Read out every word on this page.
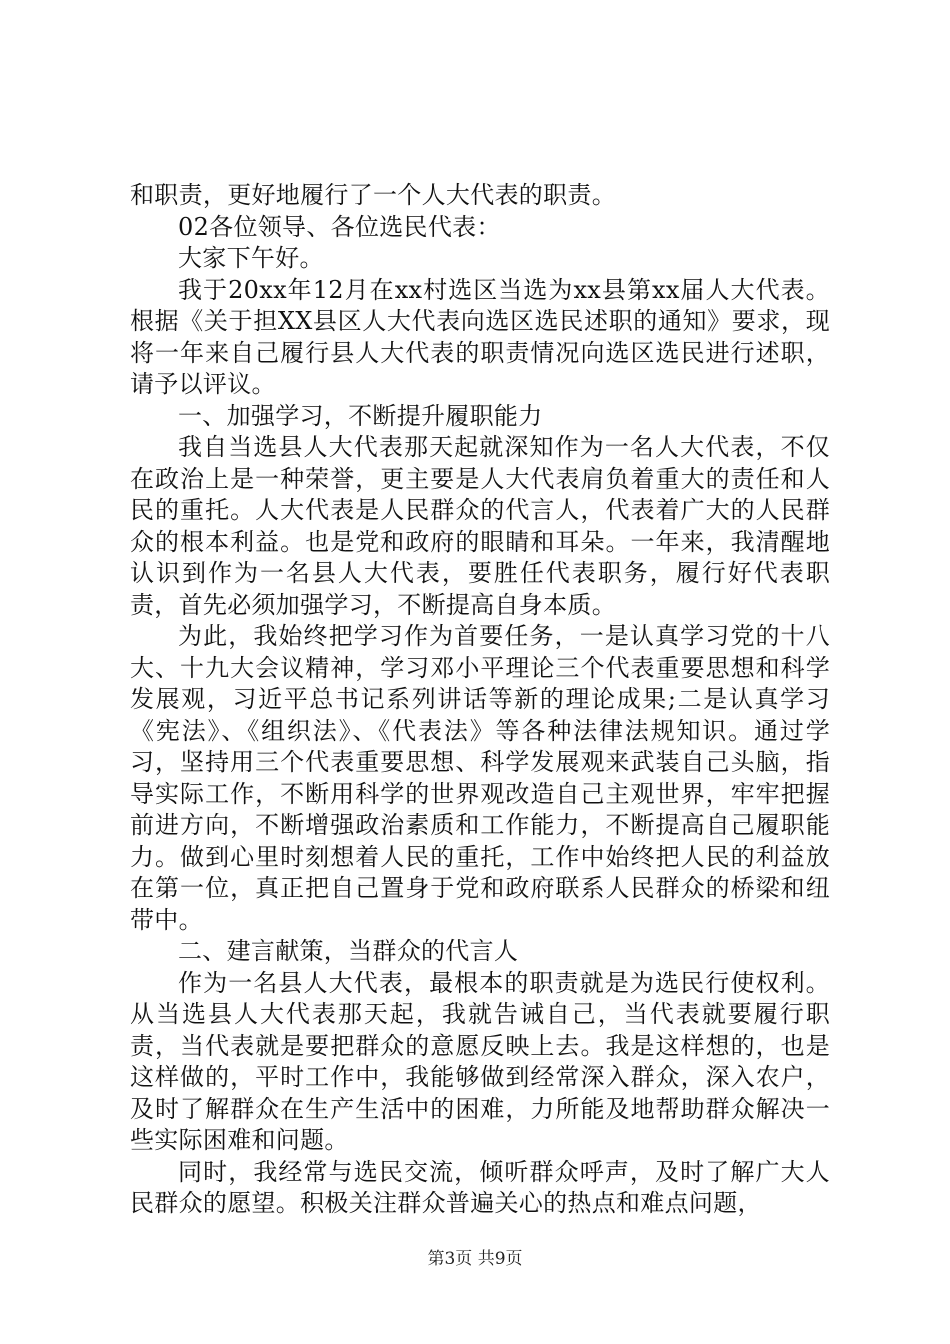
和职责，更好地履行了一个人大代表的职责。

02各位领导、各位选民代表：

大家下午好。

我于20xx年12月在xx村选区当选为xx县第xx届人大代表。根据《关于担XX县区人大代表向选区选民述职的通知》要求，现将一年来自己履行县人大代表的职责情况向选区选民进行述职，请予以评议。

一、加强学习，不断提升履职能力

我自当选县人大代表那天起就深知作为一名人大代表，不仅在政治上是一种荣誉，更主要是人大代表肩负着重大的责任和人民的重托。人大代表是人民群众的代言人，代表着广大的人民群众的根本利益。也是党和政府的眼睛和耳朵。一年来，我清醒地认识到作为一名县人大代表，要胜任代表职务，履行好代表职责，首先必须加强学习，不断提高自身本质。

为此，我始终把学习作为首要任务，一是认真学习党的十八大、十九大会议精神，学习邓小平理论三个代表重要思想和科学发展观，习近平总书记系列讲话等新的理论成果;二是认真学习《宪法》、《组织法》、《代表法》等各种法律法规知识。通过学习，坚持用三个代表重要思想、科学发展观来武装自己头脑，指导实际工作，不断用科学的世界观改造自己主观世界，牢牢把握前进方向，不断增强政治素质和工作能力，不断提高自己履职能力。做到心里时刻想着人民的重托，工作中始终把人民的利益放在第一位，真正把自己置身于党和政府联系人民群众的桥梁和纽带中。

二、建言献策，当群众的代言人

作为一名县人大代表，最根本的职责就是为选民行使权利。从当选县人大代表那天起，我就告诫自己，当代表就要履行职责，当代表就是要把群众的意愿反映上去。我是这样想的，也是这样做的，平时工作中，我能够做到经常深入群众，深入农户，及时了解群众在生产生活中的困难，力所能及地帮助群众解决一些实际困难和问题。

同时，我经常与选民交流，倾听群众呼声，及时了解广大人民群众的愿望。积极关注群众普遍关心的热点和难点问题，

第3页 共9页
